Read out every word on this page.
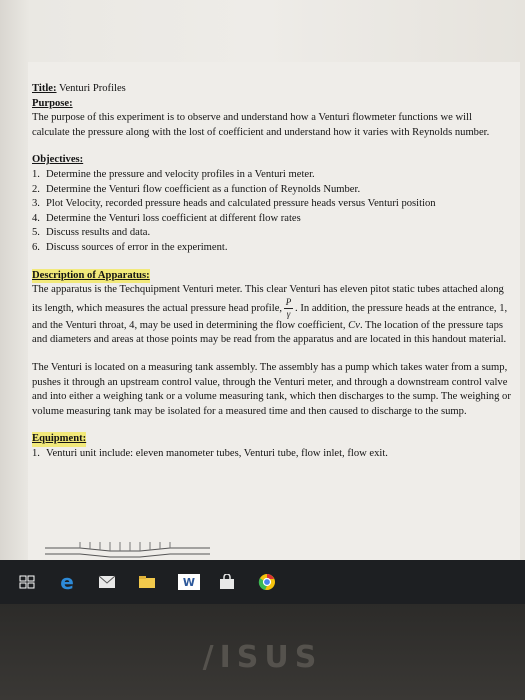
Title: Venturi Profiles

Purpose:

The purpose of this experiment is to observe and understand how a Venturi flowmeter functions we will calculate the pressure along with the lost of coefficient and understand how it varies with Reynolds number.

Objectives:

1. Determine the pressure and velocity profiles in a Venturi meter.
2. Determine the Venturi flow coefficient as a function of Reynolds Number.
3. Plot Velocity, recorded pressure heads and calculated pressure heads versus Venturi position
4. Determine the Venturi loss coefficient at different flow rates
5. Discuss results and data.
6. Discuss sources of error in the experiment.

Description of Apparatus:

The apparatus is the Techquipment Venturi meter. This clear Venturi has eleven pitot static tubes attached along its length, which measures the actual pressure head profile, $\frac{P}{\gamma}$ . In addition, the pressure heads at the entrance, 1, and the Venturi throat, 4, may be used in determining the flow coefficient, Cv. The location of the pressure taps and diameters and areas at those points may be read from the apparatus and are located in this handout material.

The Venturi is located on a measuring tank assembly. The assembly has a pump which takes water from a sump, pushes it through an upstream control value, through the Venturi meter, and through a downstream control valve and into either a weighing tank or a volume measuring tank, which then discharges to the sump. The weighing or volume measuring tank may be isolated for a measured time and then caused to discharge to the sump.

Equipment:

1. Venturi unit include: eleven manometer tubes, Venturi tube, flow inlet, flow exit.
e	W
/ISUS
